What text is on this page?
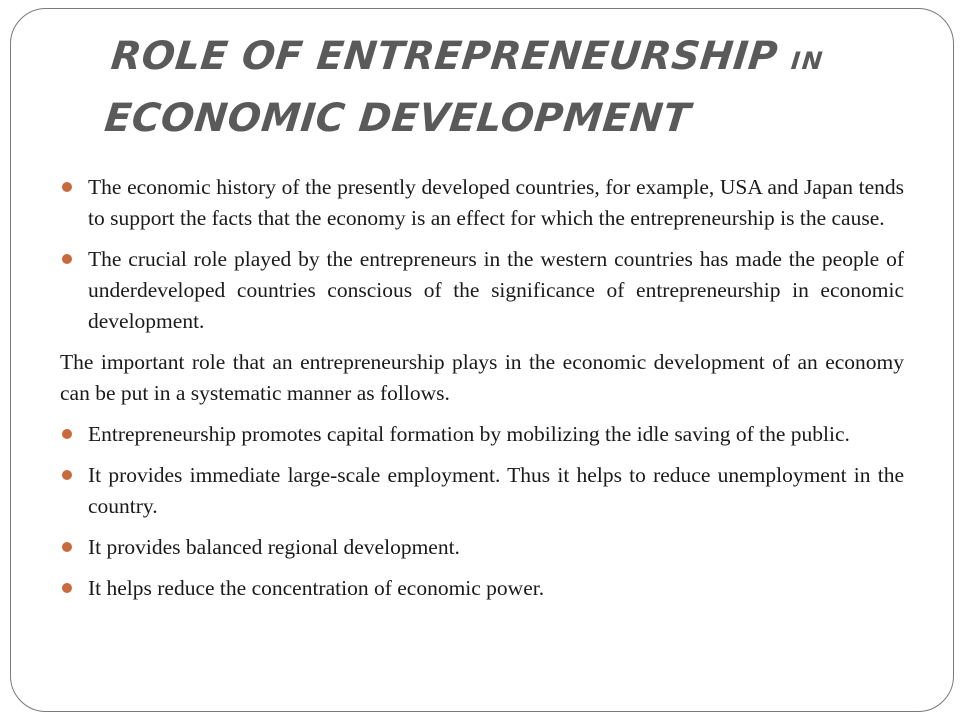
ROLE OF ENTREPRENEURSHIP IN
ECONOMIC DEVELOPMENT
The economic history of the presently developed countries, for example, USA and Japan tends to support the facts that the economy is an effect for which the entrepreneurship is the cause.
The crucial role played by the entrepreneurs in the western countries has made the people of underdeveloped countries conscious of the significance of entrepreneurship in economic development.

The important role that an entrepreneurship plays in the economic development of an economy can be put in a systematic manner as follows.

Entrepreneurship promotes capital formation by mobilizing the idle saving of the public.
It provides immediate large-scale employment. Thus it helps to reduce unemployment in the country.
It provides balanced regional development.
It helps reduce the concentration of economic power.
